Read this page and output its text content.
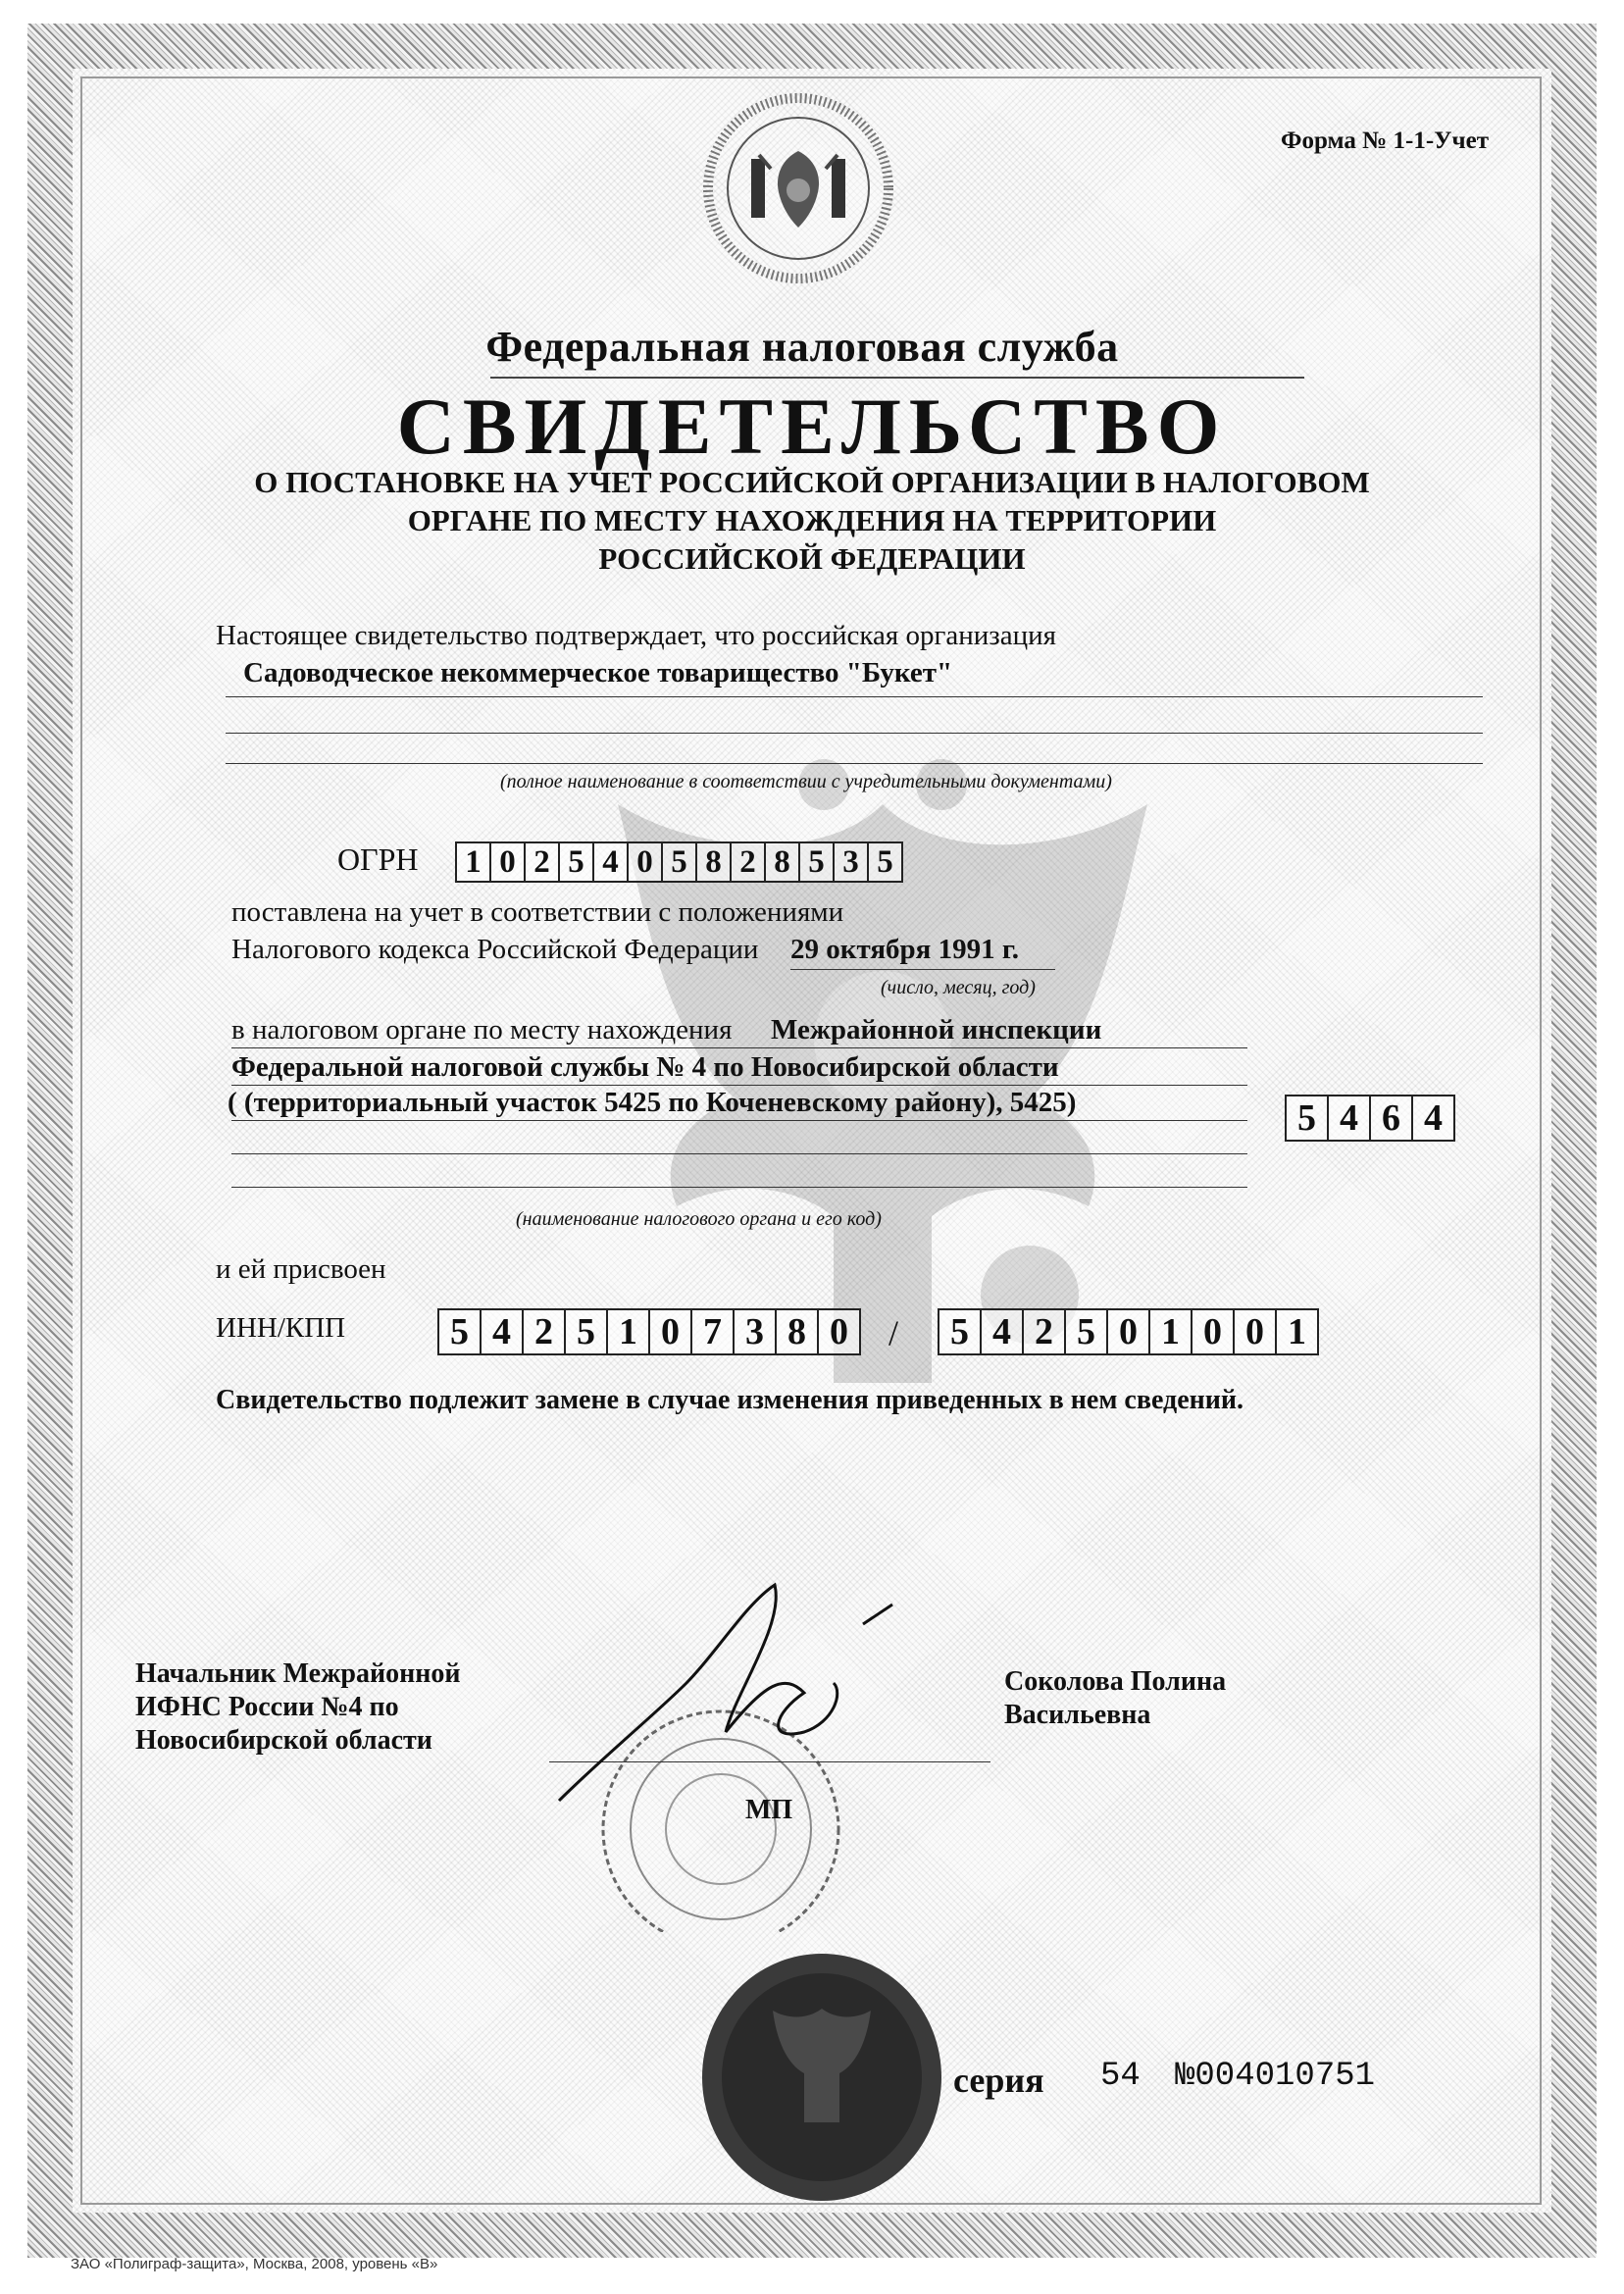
Форма № 1-1-Учет
Федеральная налоговая служба
СВИДЕТЕЛЬСТВО
О ПОСТАНОВКЕ НА УЧЕТ РОССИЙСКОЙ ОРГАНИЗАЦИИ В НАЛОГОВОМ
ОРГАНЕ ПО МЕСТУ НАХОЖДЕНИЯ НА ТЕРРИТОРИИ
РОССИЙСКОЙ ФЕДЕРАЦИИ
Настоящее свидетельство подтверждает, что российская организация
Садоводческое некоммерческое товарищество "Букет"
(полное наименование в соответствии с учредительными документами)
ОГРН	1 0 2 5 4 0 5 8 2 8 5 3 5
поставлена на учет в соответствии с положениями
Налогового кодекса Российской Федерации 29 октября 1991 г.
(число, месяц, год)
в налоговом органе по месту нахождения Межрайонной инспекции
Федеральной налоговой службы № 4 по Новосибирской области
( (территориальный участок 5425 по Коченевскому району), 5425)
(наименование налогового органа и его код)
5 4 6 4
и ей присвоен
ИНН/КПП	5 4 2 5 1 0 7 3 8 0	/	5 4 2 5 0 1 0 0 1
Свидетельство подлежит замене в случае изменения приведенных в нем сведений.
Начальник Межрайонной
ИФНС России №4 по
Новосибирской области
Соколова Полина
Васильевна
МП
серия 54 №004010751
ЗАО «Полиграф-защита», Москва, 2008, уровень «В»
